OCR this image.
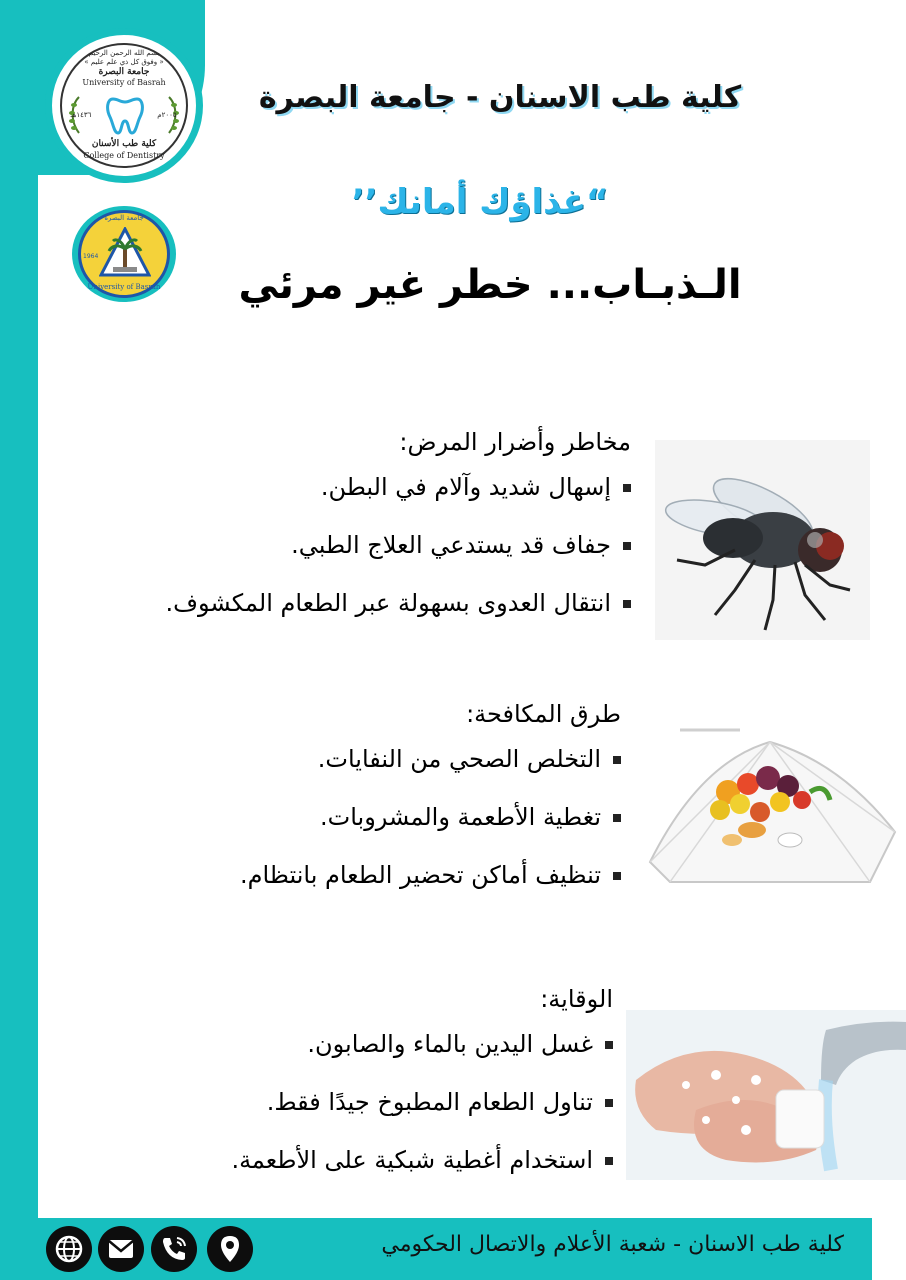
بسم الله الرحمن الرحيم
« وفوق كل ذي علم عليم »
جامعة البصرة
University of Basrah
١٤٣٦هـ	٢٠٠٥م
كلية طب الأسنان
College of Dentistry
University of Basrah
جامعة البصرة
1964
كلية طب الاسنان - جامعة البصرة
“غذاؤك أمانك’’
الـذبـاب... خطر غير مرئي
مخاطر وأضرار المرض:
إسهال شديد وآلام في البطن.
جفاف قد يستدعي العلاج الطبي.
انتقال العدوى بسهولة عبر الطعام المكشوف.
طرق المكافحة:
التخلص الصحي من النفايات.
تغطية الأطعمة والمشروبات.
تنظيف أماكن تحضير الطعام بانتظام.
الوقاية:
غسل اليدين بالماء والصابون.
تناول الطعام المطبوخ جيدًا فقط.
استخدام أغطية شبكية على الأطعمة.
كلية طب الاسنان - شعبة الأعلام والاتصال الحكومي
